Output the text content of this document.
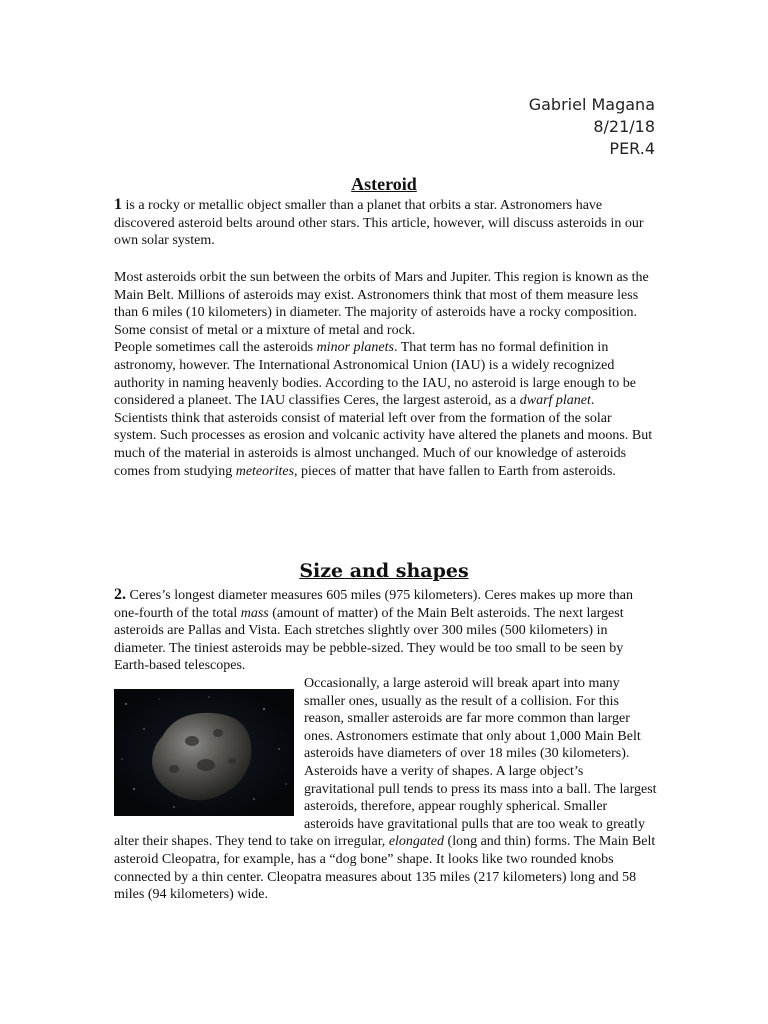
Gabriel Magana
8/21/18
PER.4
Asteroid

1 is a rocky or metallic object smaller than a planet that orbits a star. Astronomers have discovered asteroid belts around other stars. This article, however, will discuss asteroids in our own solar system.

Most asteroids orbit the sun between the orbits of Mars and Jupiter. This region is known as the Main Belt. Millions of asteroids may exist. Astronomers think that most of them measure less than 6 miles (10 kilometers) in diameter. The majority of asteroids have a rocky composition. Some consist of metal or a mixture of metal and rock.

People sometimes call the asteroids minor planets. That term has no formal definition in astronomy, however. The International Astronomical Union (IAU) is a widely recognized authority in naming heavenly bodies. According to the IAU, no asteroid is large enough to be considered a planeet. The IAU classifies Ceres, the largest asteroid, as a dwarf planet.

Scientists think that asteroids consist of material left over from the formation of the solar system. Such processes as erosion and volcanic activity have altered the planets and moons. But much of the material in asteroids is almost unchanged. Much of our knowledge of asteroids comes from studying meteorites, pieces of matter that have fallen to Earth from asteroids.

Size and shapes

2. Ceres’s longest diameter measures 605 miles (975 kilometers). Ceres makes up more than one-fourth of the total mass (amount of matter) of the Main Belt asteroids. The next largest asteroids are Pallas and Vista. Each stretches slightly over 300 miles (500 kilometers) in diameter. The tiniest asteroids may be pebble-sized. They would be too small to be seen by Earth-based telescopes.

Occasionally, a large asteroid will break apart into many smaller ones, usually as the result of a collision. For this reason, smaller asteroids are far more common than larger ones. Astronomers estimate that only about 1,000 Main Belt asteroids have diameters of over 18 miles (30 kilometers).

Asteroids have a verity of shapes. A large object’s gravitational pull tends to press its mass into a ball. The largest asteroids, therefore, appear roughly spherical. Smaller asteroids have gravitational pulls that are too weak to greatly alter their shapes. They tend to take on irregular, elongated (long and thin) forms. The Main Belt asteroid Cleopatra, for example, has a “dog bone” shape. It looks like two rounded knobs connected by a thin center. Cleopatra measures about 135 miles (217 kilometers) long and 58 miles (94 kilometers) wide.
